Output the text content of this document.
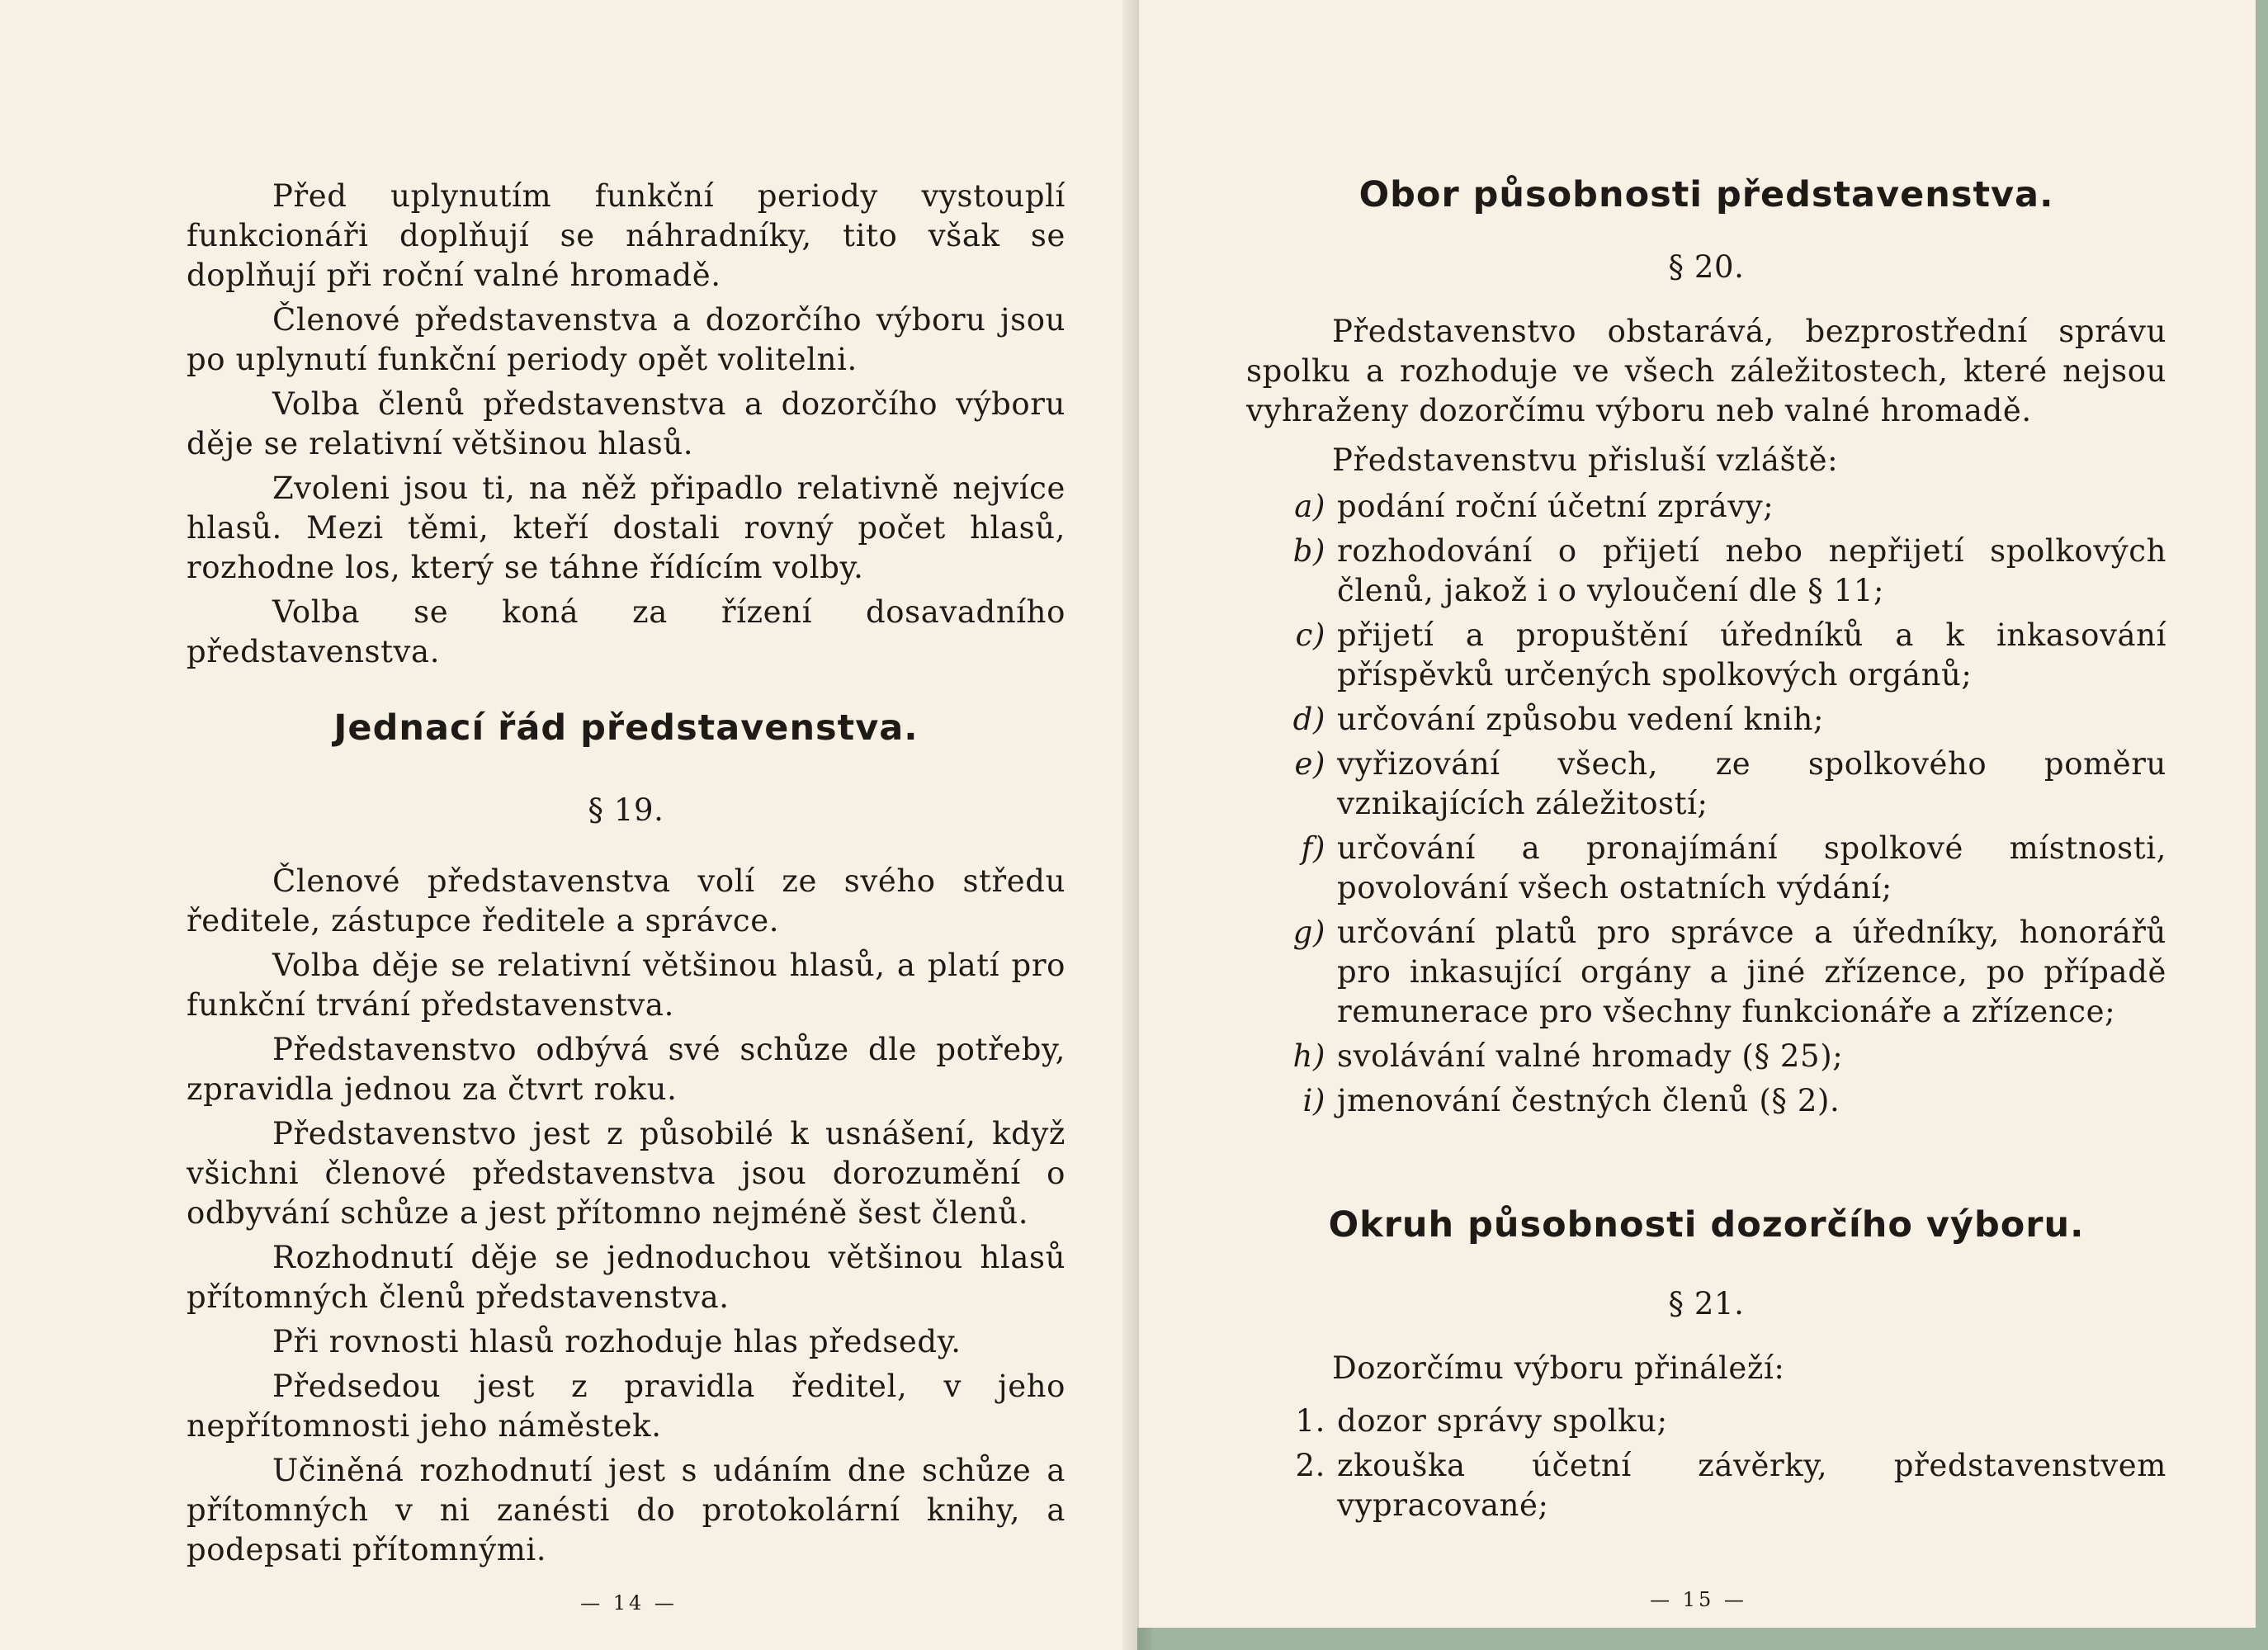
Před uplynutím funkční periody vystouplí funkcionáři doplňují se náhradníky, tito však se doplňují při roční valné hromadě.

Členové představenstva a dozorčího výboru jsou po uplynutí funkční periody opět volitelni.

Volba členů představenstva a dozorčího výboru děje se relativní většinou hlasů.

Zvoleni jsou ti, na něž připadlo relativně nejvíce hlasů. Mezi těmi, kteří dostali rovný počet hlasů, rozhodne los, který se táhne řídícím volby.

Volba se koná za řízení dosavadního představenstva.

Jednací řád představenstva.

§ 19.

Členové představenstva volí ze svého středu ředitele, zástupce ředitele a správce.

Volba děje se relativní většinou hlasů, a platí pro funkční trvání představenstva.

Představenstvo odbývá své schůze dle potřeby, zpravidla jednou za čtvrt roku.

Představenstvo jest z působilé k usnášení, když všichni členové představenstva jsou dorozumění o odbyvání schůze a jest přítomno nejméně šest členů.

Rozhodnutí děje se jednoduchou většinou hlasů přítomných členů představenstva.

Při rovnosti hlasů rozhoduje hlas předsedy.

Předsedou jest z pravidla ředitel, v jeho nepřítomnosti jeho náměstek.

Učiněná rozhodnutí jest s udáním dne schůze a přítomných v ni zanésti do protokolární knihy, a podepsati přítomnými.

— 14 —
Obor působnosti představenstva.

§ 20.

Představenstvo obstarává, bezprostřední správu spolku a rozhoduje ve všech záležitostech, které nejsou vyhraženy dozorčímu výboru neb valné hromadě.

Představenstvu přisluší vzláště:

a) podání roční účetní zprávy;
b) rozhodování o přijetí nebo nepřijetí spolkových členů, jakož i o vyloučení dle § 11;
c) přijetí a propuštění úředníků a k inkasování příspěvků určených spolkových orgánů;
d) určování způsobu vedení knih;
e) vyřizování všech, ze spolkového poměru vznikajících záležitostí;
f) určování a pronajímání spolkové místnosti, povolování všech ostatních výdání;
g) určování platů pro správce a úředníky, honorářů pro inkasující orgány a jiné zřízence, po případě remunerace pro všechny funkcionáře a zřízence;
h) svolávání valné hromady (§ 25);
i) jmenování čestných členů (§ 2).
Okruh působnosti dozorčího výboru.

§ 21.

Dozorčímu výboru přináleží:

1. dozor správy spolku;
2. zkouška účetní závěrky, představenstvem vypracované;
— 15 —
